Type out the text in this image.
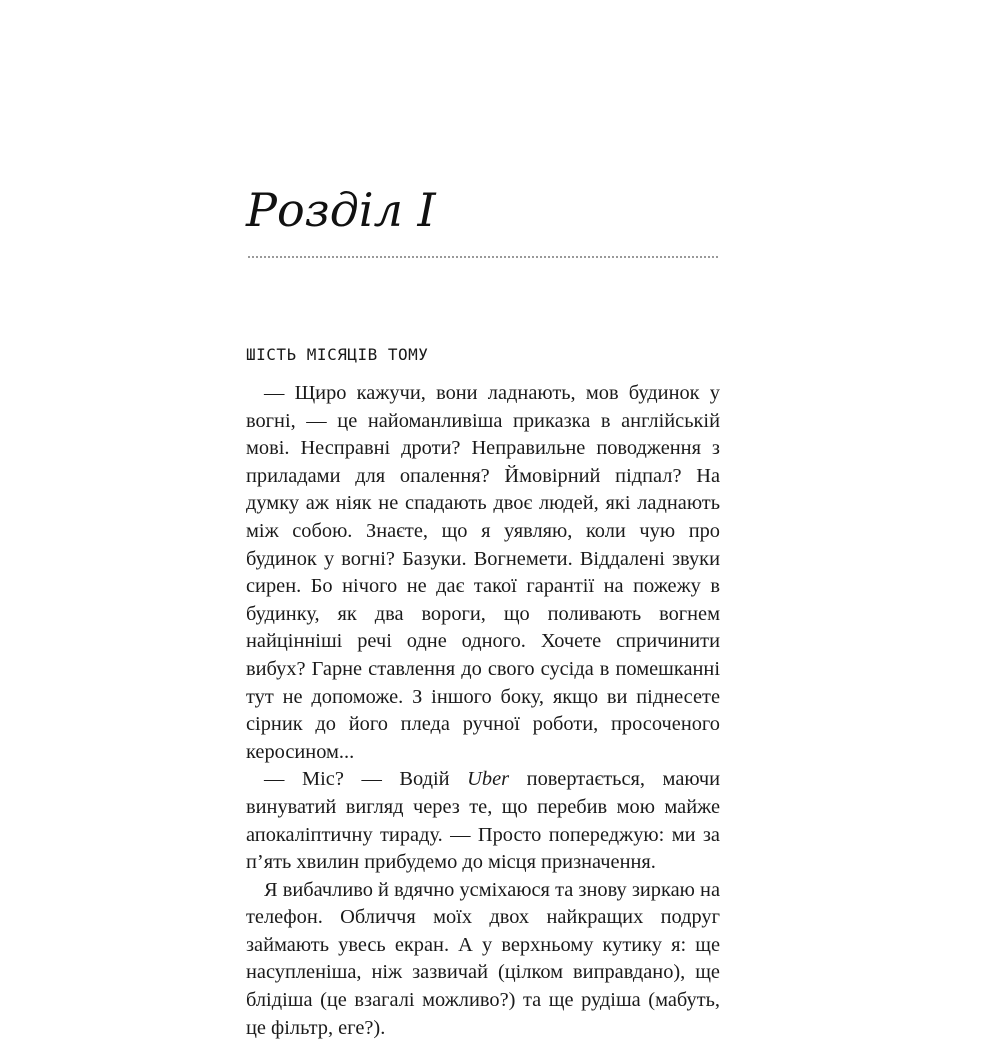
Розділ I
ШІСТЬ МІСЯЦІВ ТОМУ

— Щиро кажучи, вони ладнають, мов будинок у вогні, — це найоманливіша приказка в англійській мові. Несправні дроти? Неправильне поводження з приладами для опалення? Ймовірний підпал? На думку аж ніяк не спадають двоє людей, які ладнають між собою. Знаєте, що я уявляю, коли чую про будинок у вогні? Базуки. Вогнемети. Віддалені звуки сирен. Бо нічого не дає такої гарантії на пожежу в будинку, як два вороги, що поливають вогнем найцінніші речі одне одного. Хочете спричинити вибух? Гарне ставлення до свого сусіда в помешканні тут не допоможе. З іншого боку, якщо ви піднесете сірник до його пледа ручної роботи, просоченого керосином...

— Міс? — Водій Uber повертається, маючи винуватий вигляд через те, що перебив мою майже апокаліптичну тираду. — Просто попереджую: ми за п’ять хвилин прибудемо до місця призначення.

Я вибачливо й вдячно усміхаюся та знову зиркаю на телефон. Обличчя моїх двох найкращих подруг займають увесь екран. А у верхньому кутику я: ще насупленіша, ніж зазвичай (цілком виправдано), ще блідіша (це взагалі можливо?) та ще рудіша (мабуть, це фільтр, еге?).
